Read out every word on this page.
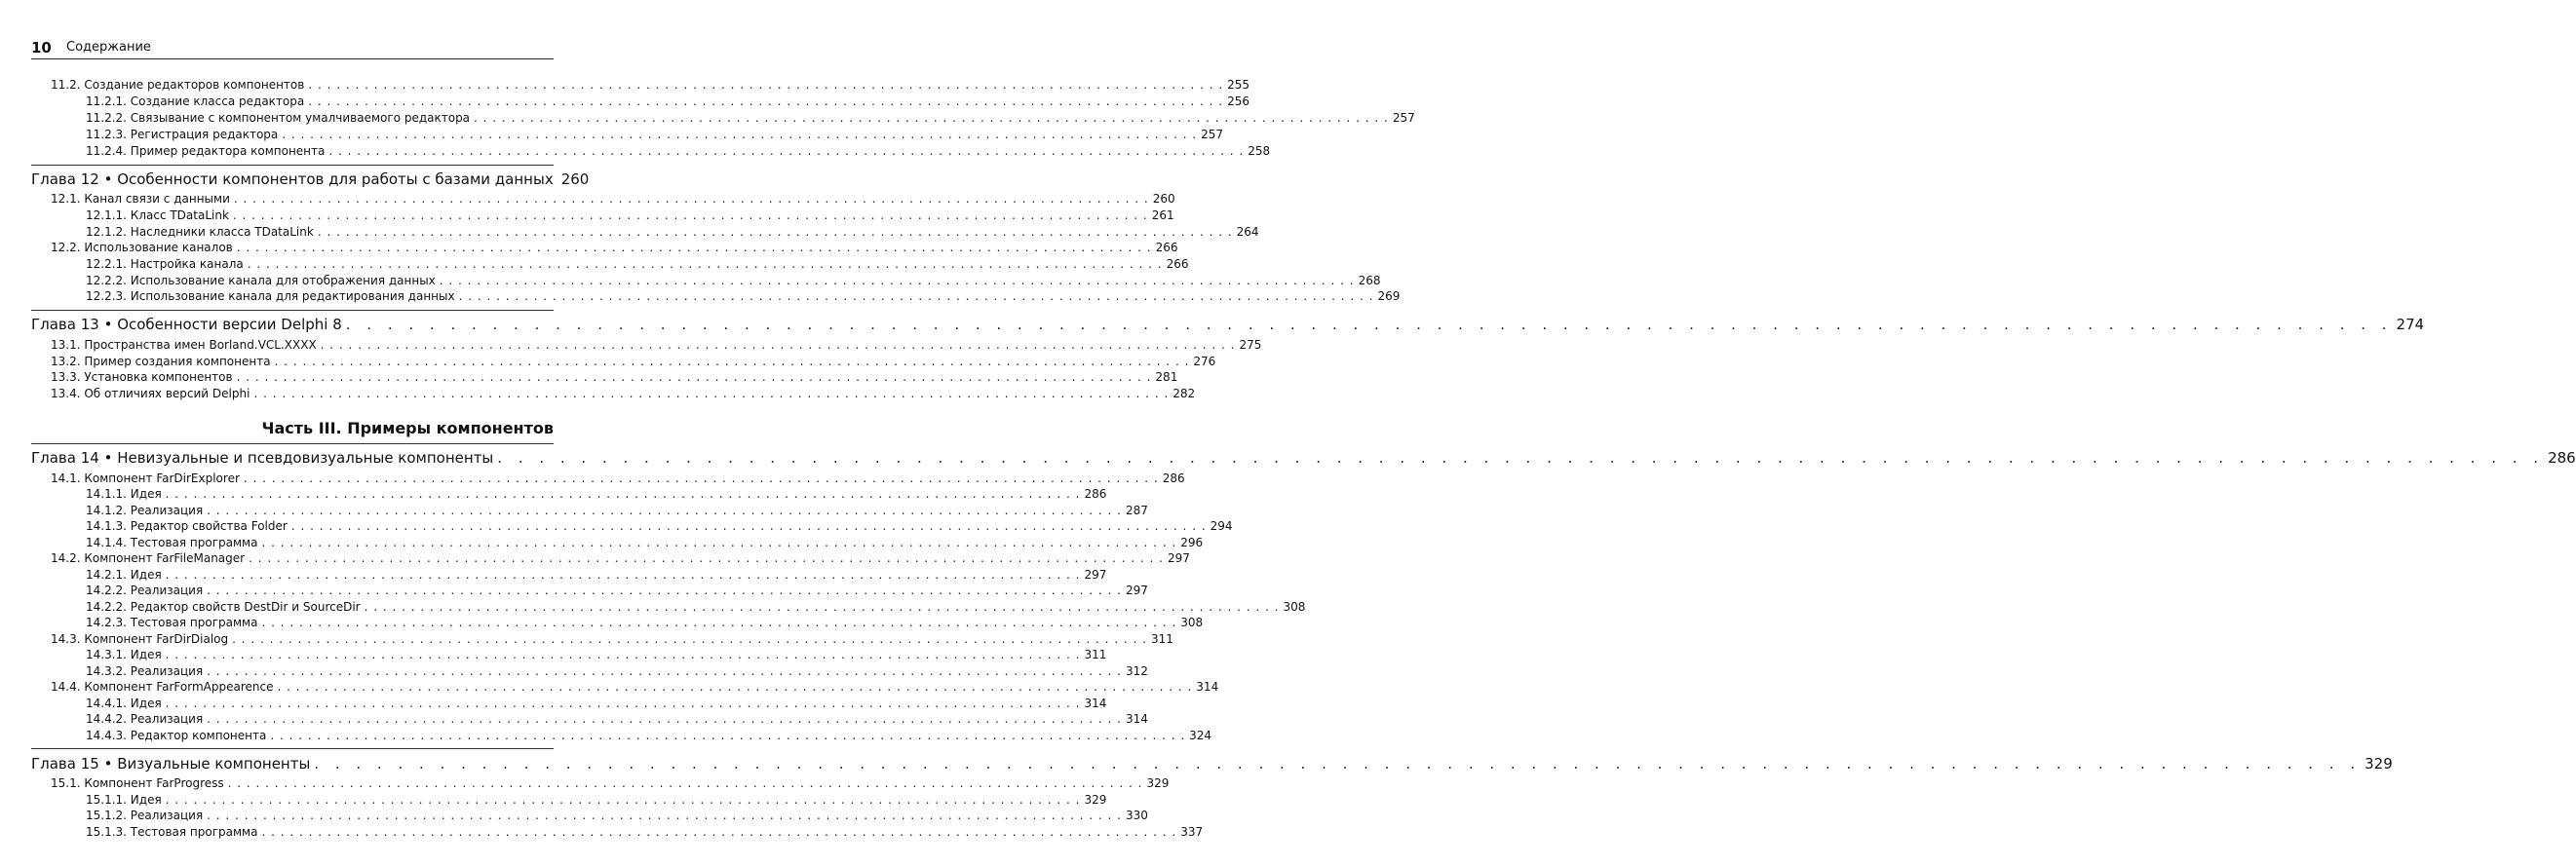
10 Содержание
11.2. Создание редакторов компонентов . . .	255
11.2.1. Создание класса редактора . . .	256
11.2.2. Связывание с компонентом умалчиваемого редактора . . .	257
11.2.3. Регистрация редактора . . .	257
11.2.4. Пример редактора компонента . . .	258
Глава 12 • Особенности компонентов для работы с базами данных 260
12.1. Канал связи с данными . . .	260
12.1.1. Класс TDataLink . . .	261
12.1.2. Наследники класса TDataLink . . .	264
12.2. Использование каналов . . .	266
12.2.1. Настройка канала . . .	266
12.2.2. Использование канала для отображения данных . . .	268
12.2.3. Использование канала для редактирования данных . . .	269
Глава 13 • Особенности версии Delphi 8 . . .	274
13.1. Пространства имен Borland.VCL.XXXX . . .	275
13.2. Пример создания компонента . . .	276
13.3. Установка компонентов . . .	281
13.4. Об отличиях версий Delphi . . .	282
Часть III. Примеры компонентов
Глава 14 • Невизуальные и псевдовизуальные компоненты . . .	286
14.1. Компонент FarDirExplorer . . .	286
14.1.1. Идея . . .	286
14.1.2. Реализация . . .	287
14.1.3. Редактор свойства Folder . . .	294
14.1.4. Тестовая программа . . .	296
14.2. Компонент FarFileManager . . .	297
14.2.1. Идея . . .	297
14.2.2. Реализация . . .	297
14.2.2. Редактор свойств DestDir и SourceDir . . .	308
14.2.3. Тестовая программа . . .	308
14.3. Компонент FarDirDialog . . .	311
14.3.1. Идея . . .	311
14.3.2. Реализация . . .	312
14.4. Компонент FarFormAppearence . . .	314
14.4.1. Идея . . .	314
14.4.2. Реализация . . .	314
14.4.3. Редактор компонента . . .	324
Глава 15 • Визуальные компоненты . . .	329
15.1. Компонент FarProgress . . .	329
15.1.1. Идея . . .	329
15.1.2. Реализация . . .	330
15.1.3. Тестовая программа . . .	337
